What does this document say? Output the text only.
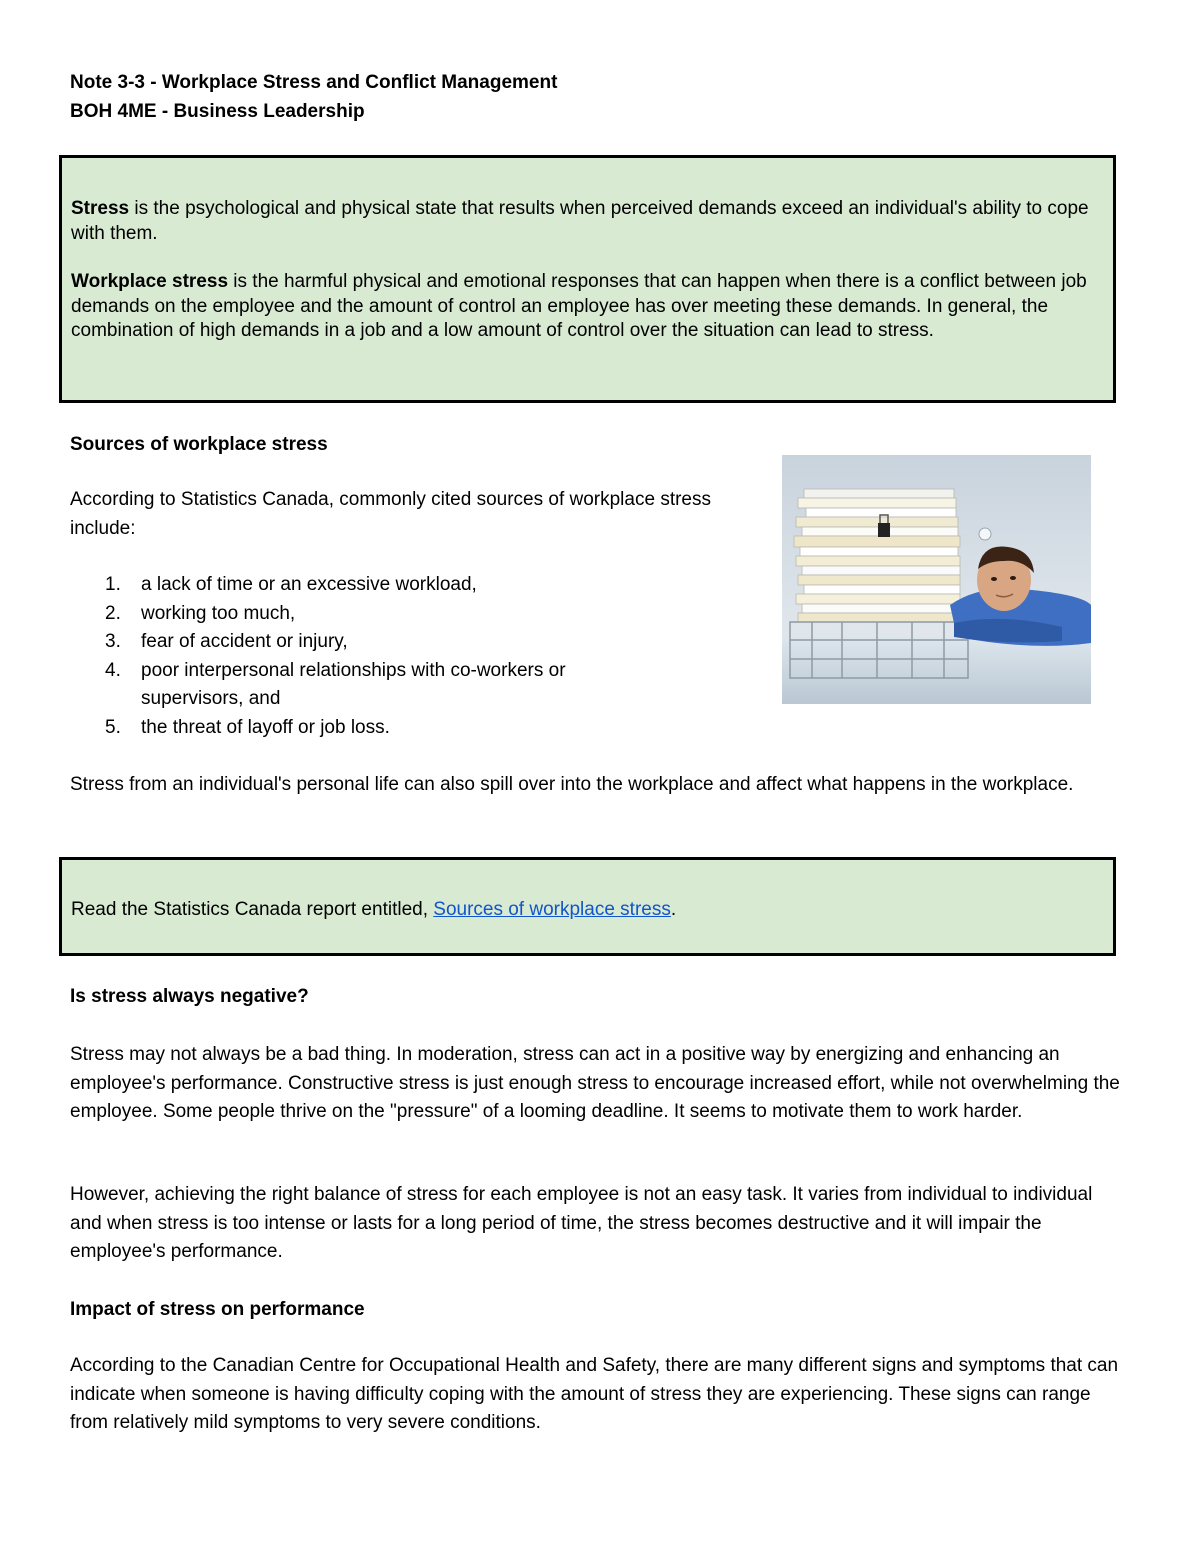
Note 3-3 - Workplace Stress and Conflict Management
BOH 4ME - Business Leadership

Stress is the psychological and physical state that results when perceived demands exceed an individual's ability to cope with them.

Workplace stress is the harmful physical and emotional responses that can happen when there is a conflict between job demands on the employee and the amount of control an employee has over meeting these demands. In general, the combination of high demands in a job and a low amount of control over the situation can lead to stress.

Sources of workplace stress

According to Statistics Canada, commonly cited sources of workplace stress include:

1. a lack of time or an excessive workload,
2. working too much,
3. fear of accident or injury,
4. poor interpersonal relationships with co-workers or supervisors, and
5. the threat of layoff or job loss.

Stress from an individual's personal life can also spill over into the workplace and affect what happens in the workplace.

Read the Statistics Canada report entitled, Sources of workplace stress.
Is stress always negative?

Stress may not always be a bad thing. In moderation, stress can act in a positive way by energizing and enhancing an employee's performance. Constructive stress is just enough stress to encourage increased effort, while not overwhelming the employee. Some people thrive on the "pressure" of a looming deadline. It seems to motivate them to work harder.

However, achieving the right balance of stress for each employee is not an easy task. It varies from individual to individual and when stress is too intense or lasts for a long period of time, the stress becomes destructive and it will impair the employee's performance.

Impact of stress on performance

According to the Canadian Centre for Occupational Health and Safety, there are many different signs and symptoms that can indicate when someone is having difficulty coping with the amount of stress they are experiencing. These signs can range from relatively mild symptoms to very severe conditions.
